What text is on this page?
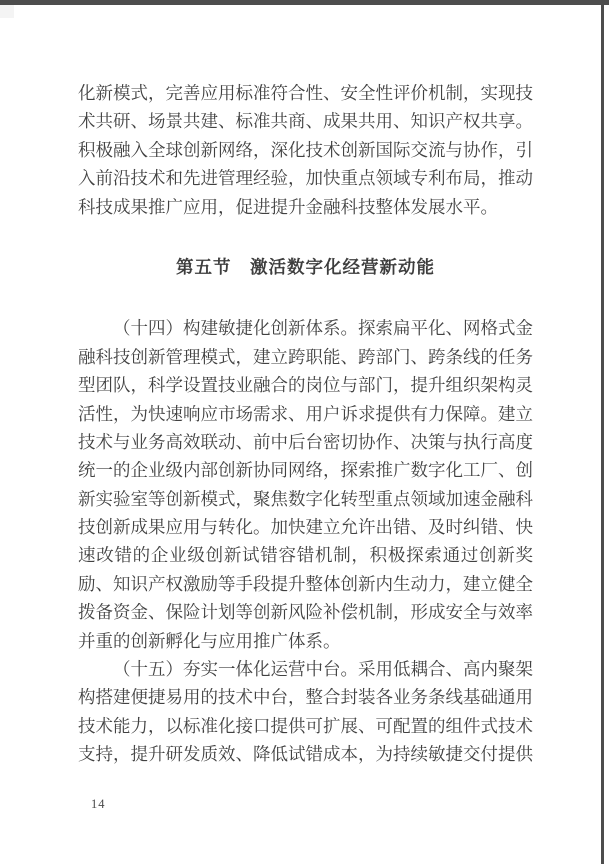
化新模式，完善应用标准符合性、安全性评价机制，实现技
术共研、场景共建、标准共商、成果共用、知识产权共享。
积极融入全球创新网络，深化技术创新国际交流与协作，引
入前沿技术和先进管理经验，加快重点领域专利布局，推动
科技成果推广应用，促进提升金融科技整体发展水平。
第五节　激活数字化经营新动能
（十四）构建敏捷化创新体系。探索扁平化、网格式金
融科技创新管理模式，建立跨职能、跨部门、跨条线的任务
型团队，科学设置技业融合的岗位与部门，提升组织架构灵
活性，为快速响应市场需求、用户诉求提供有力保障。建立
技术与业务高效联动、前中后台密切协作、决策与执行高度
统一的企业级内部创新协同网络，探索推广数字化工厂、创
新实验室等创新模式，聚焦数字化转型重点领域加速金融科
技创新成果应用与转化。加快建立允许出错、及时纠错、快
速改错的企业级创新试错容错机制，积极探索通过创新奖
励、知识产权激励等手段提升整体创新内生动力，建立健全
拨备资金、保险计划等创新风险补偿机制，形成安全与效率
并重的创新孵化与应用推广体系。
（十五）夯实一体化运营中台。采用低耦合、高内聚架
构搭建便捷易用的技术中台，整合封装各业务条线基础通用
技术能力，以标准化接口提供可扩展、可配置的组件式技术
支持，提升研发质效、降低试错成本，为持续敏捷交付提供
14
